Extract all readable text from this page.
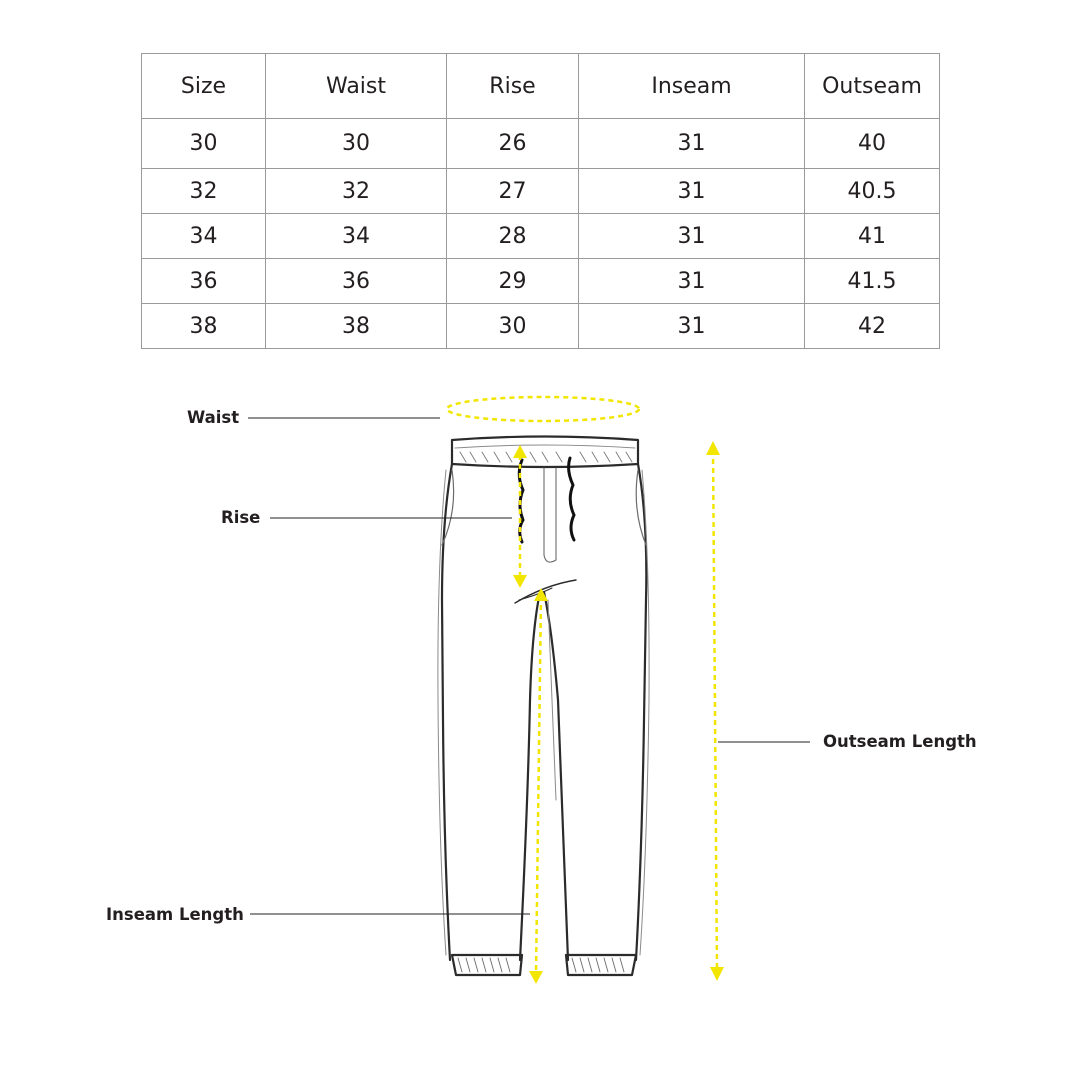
Size	Waist	Rise	Inseam	Outseam
30	30	26	31	40
32	32	27	31	40.5
34	34	28	31	41
36	36	29	31	41.5
38	38	30	31	42
Waist
Rise
Outseam Length
Inseam Length
